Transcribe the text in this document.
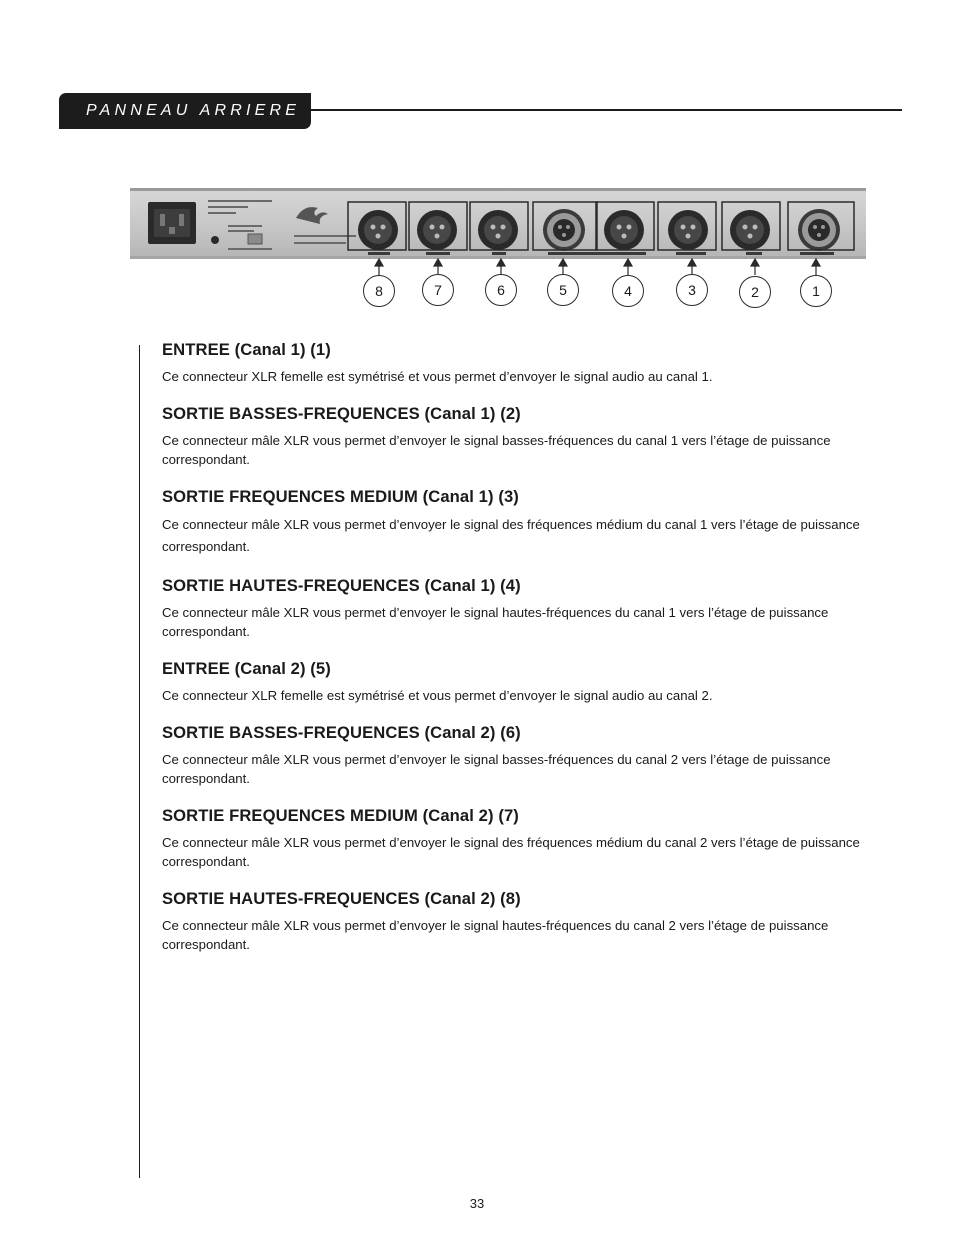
PANNEAU ARRIERE
8	7	6	5	4	3	2	1
ENTREE (Canal 1) (1)

Ce connecteur XLR femelle est symétrisé et vous permet d’envoyer le signal audio au canal 1.

SORTIE BASSES-FREQUENCES (Canal 1) (2)

Ce connecteur mâle XLR vous permet d’envoyer le signal basses-fréquences du canal 1 vers l’étage de puissance correspondant.

SORTIE FREQUENCES MEDIUM (Canal 1) (3)

Ce connecteur mâle XLR vous permet d’envoyer le signal des fréquences médium du canal 1 vers l’étage de puissance correspondant.

SORTIE HAUTES-FREQUENCES (Canal 1) (4)

Ce connecteur mâle XLR vous permet d’envoyer le signal hautes-fréquences du canal 1 vers l’étage de puissance correspondant.

ENTREE (Canal 2) (5)

Ce connecteur XLR femelle est symétrisé et vous permet d’envoyer le signal audio au canal 2.

SORTIE BASSES-FREQUENCES (Canal 2) (6)

Ce connecteur mâle XLR vous permet d’envoyer le signal basses-fréquences du canal 2 vers l’étage de puissance correspondant.

SORTIE FREQUENCES MEDIUM (Canal 2) (7)

Ce connecteur mâle XLR vous permet d’envoyer le signal des fréquences médium du canal 2 vers l’étage de puissance correspondant.

SORTIE HAUTES-FREQUENCES (Canal 2) (8)

Ce connecteur mâle XLR vous permet d’envoyer le signal hautes-fréquences du canal 2 vers l’étage de puissance correspondant.

33
